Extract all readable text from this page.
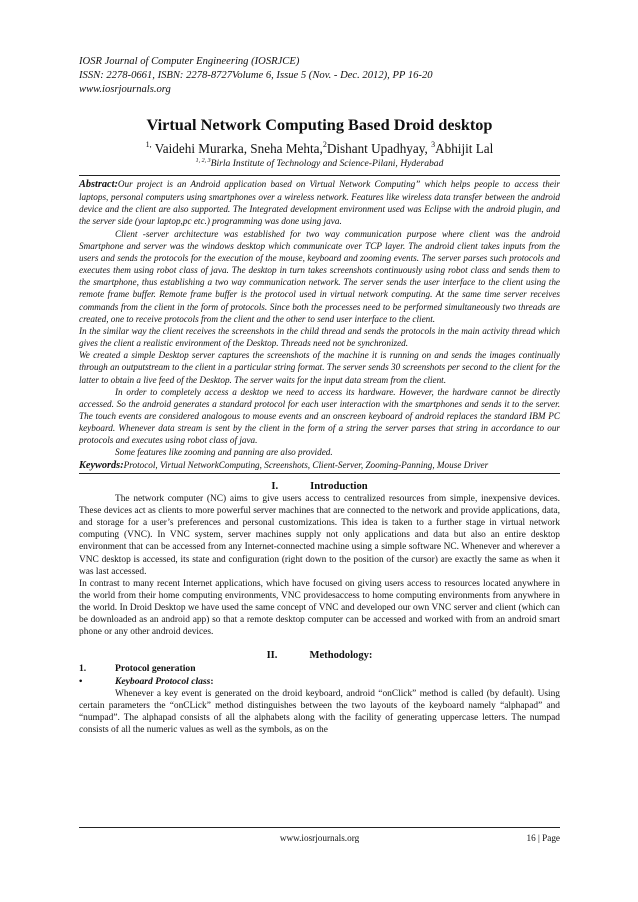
IOSR Journal of Computer Engineering (IOSRJCE)
ISSN: 2278-0661, ISBN: 2278-8727Volume 6, Issue 5 (Nov. - Dec. 2012), PP 16-20
www.iosrjournals.org
Virtual Network Computing Based Droid desktop
$^{1,}$ Vaidehi Murarka, Sneha Mehta,$^2$Dishant Upadhyay, $^3$Abhijit Lal
$^{1, 2, 3}$Birla Institute of Technology and Science-Pilani, Hyderabad

Abstract:Our project is an Android application based on Virtual Network Computing” which helps people to access their laptops, personal computers using smartphones over a wireless network. Features like wireless data transfer between the android device and the client are also supported. The Integrated development environment used was Eclipse with the android plugin, and the server side (your laptop,pc etc.) programming was done using java.

Client -server architecture was established for two way communication purpose where client was the android Smartphone and server was the windows desktop which communicate over TCP layer. The android client takes inputs from the users and sends the protocols for the execution of the mouse, keyboard and zooming events. The server parses such protocols and executes them using robot class of java. The desktop in turn takes screenshots continuously using robot class and sends them to the smartphone, thus establishing a two way communication network. The server sends the user interface to the client using the remote frame buffer. Remote frame buffer is the protocol used in virtual network computing. At the same time server receives commands from the client in the form of protocols. Since both the processes need to be performed simultaneously two threads are created, one to receive protocols from the client and the other to send user interface to the client.

In the similar way the client receives the screenshots in the child thread and sends the protocols in the main activity thread which gives the client a realistic environment of the Desktop. Threads need not be synchronized.

We created a simple Desktop server captures the screenshots of the machine it is running on and sends the images continually through an outputstream to the client in a particular string format. The server sends 30 screenshots per second to the client for the latter to obtain a live feed of the Desktop. The server waits for the input data stream from the client.

In order to completely access a desktop we need to access its hardware. However, the hardware cannot be directly accessed. So the android generates a standard protocol for each user interaction with the smartphones and sends it to the server. The touch events are considered analogous to mouse events and an onscreen keyboard of android replaces the standard IBM PC keyboard. Whenever data stream is sent by the client in the form of a string the server parses that string in accordance to our protocols and executes using robot class of java.

Some features like zooming and panning are also provided.

Keywords:Protocol, Virtual NetworkComputing, Screenshots, Client-Server, Zooming-Panning, Mouse Driver
I.	Introduction

The network computer (NC) aims to give users access to centralized resources from simple, inexpensive devices. These devices act as clients to more powerful server machines that are connected to the network and provide applications, data, and storage for a user’s preferences and personal customizations. This idea is taken to a further stage in virtual network computing (VNC). In VNC system, server machines supply not only applications and data but also an entire desktop environment that can be accessed from any Internet-connected machine using a simple software NC. Whenever and wherever a VNC desktop is accessed, its state and configuration (right down to the position of the cursor) are exactly the same as when it was last accessed.

In contrast to many recent Internet applications, which have focused on giving users access to resources located anywhere in the world from their home computing environments, VNC providesaccess to home computing environments from anywhere in the world. In Droid Desktop we have used the same concept of VNC and developed our own VNC server and client (which can be downloaded as an android app) so that a remote desktop computer can be accessed and worked with from an android smart phone or any other android devices.

II.	Methodology:
1.	Protocol generation
•	Keyboard Protocol class :

Whenever a key event is generated on the droid keyboard, android “onClick” method is called (by default). Using certain parameters the “onCLick” method distinguishes between the two layouts of the keyboard namely “alphapad” and “numpad”. The alphapad consists of all the alphabets along with the facility of generating uppercase letters. The numpad consists of all the numeric values as well as the symbols, as on the

www.iosrjournals.org	16 | Page
